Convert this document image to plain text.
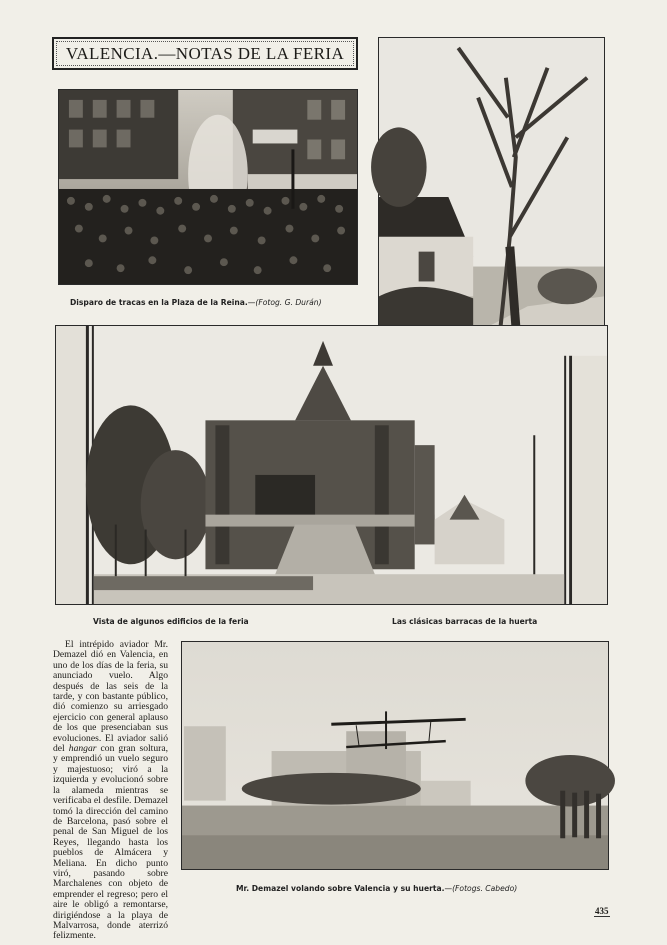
VALENCIA.—NOTAS DE LA FERIA
Disparo de tracas en la Plaza de la Reina.—(Fotog. G. Durán)
Vista de algunos edificios de la feria	Las clásicas barracas de la huerta
El intrépido aviador Mr. Demazel dió en Valencia, en uno de los días de la feria, su anunciado vuelo. Algo después de las seis de la tarde, y con bastante público, dió comienzo su arriesgado ejercicio con general aplauso de los que presenciaban sus evoluciones. El aviador salió del hangar con gran soltura, y emprendió un vuelo seguro y majestuoso; viró a la izquierda y evolucionó sobre la alameda mientras se verificaba el desfile. Demazel tomó la dirección del camino de Barcelona, pasó sobre el penal de San Miguel de los Reyes, llegando hasta los pueblos de Almácera y Meliana. En dicho punto viró, pasando sobre Marchalenes con objeto de emprender el regreso; pero el aire le obligó a remontarse, dirigiéndose a la playa de Malvarrosa, donde aterrizó felizmente.
Mr. Demazel volando sobre Valencia y su huerta.—(Fotogs. Cabedo)
435
